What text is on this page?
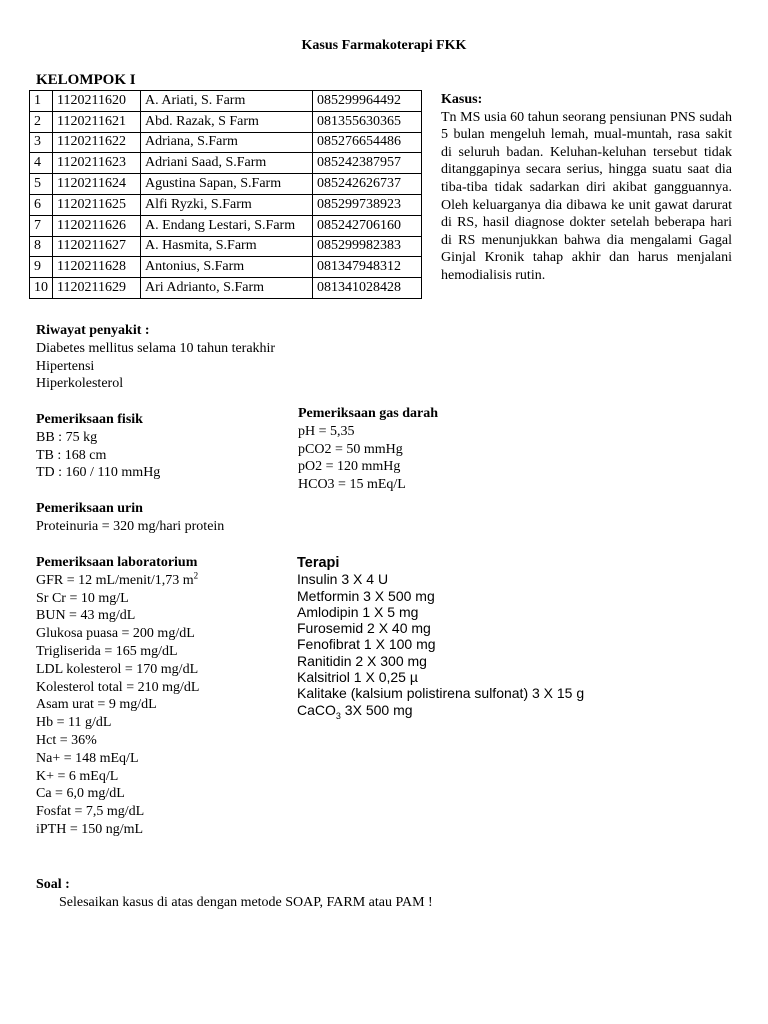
Kasus Farmakoterapi FKK
KELOMPOK I
1	1120211620	A. Ariati, S. Farm	085299964492
2	1120211621	Abd. Razak, S Farm	081355630365
3	1120211622	Adriana, S.Farm	085276654486
4	1120211623	Adriani Saad, S.Farm	085242387957
5	1120211624	Agustina Sapan, S.Farm	085242626737
6	1120211625	Alfi Ryzki, S.Farm	085299738923
7	1120211626	A. Endang Lestari, S.Farm	085242706160
8	1120211627	A. Hasmita, S.Farm	085299982383
9	1120211628	Antonius, S.Farm	081347948312
10	1120211629	Ari Adrianto, S.Farm	081341028428
Kasus:
Tn MS usia 60 tahun seorang pensiunan PNS sudah 5 bulan mengeluh lemah, mual-muntah, rasa sakit di seluruh badan. Keluhan-keluhan tersebut tidak ditanggapinya secara serius, hingga suatu saat dia tiba-tiba tidak sadarkan diri akibat gangguannya. Oleh keluarganya dia dibawa ke unit gawat darurat di RS, hasil diagnose dokter setelah beberapa hari di RS menunjukkan bahwa dia mengalami Gagal Ginjal Kronik tahap akhir dan harus menjalani hemodialisis rutin.
Riwayat penyakit :
Diabetes mellitus selama 10 tahun terakhir
Hipertensi
Hiperkolesterol
Pemeriksaan fisik
BB : 75 kg
TB : 168 cm
TD : 160 / 110 mmHg
Pemeriksaan gas darah
pH = 5,35
pCO2 = 50 mmHg
pO2 = 120 mmHg
HCO3 = 15 mEq/L
Pemeriksaan urin
Proteinuria = 320 mg/hari protein
Pemeriksaan laboratorium
GFR = 12 mL/menit/1,73 $m^2$
Sr Cr = 10 mg/L
BUN = 43 mg/dL
Glukosa puasa = 200 mg/dL
Trigliserida = 165 mg/dL
LDL kolesterol = 170 mg/dL
Kolesterol total = 210 mg/dL
Asam urat = 9 mg/dL
Hb = 11 g/dL
Hct = 36%
Na+ = 148 mEq/L
K+ = 6 mEq/L
Ca = 6,0 mg/dL
Fosfat = 7,5 mg/dL
iPTH = 150 ng/mL
Terapi
Insulin 3 X 4 U
Metformin 3 X 500 mg
Amlodipin 1 X 5 mg
Furosemid 2 X 40 mg
Fenofibrat 1 X 100 mg
Ranitidin 2 X 300 mg
Kalsitriol 1 X 0,25 µ
Kalitake (kalsium polistirena sulfonat) 3 X 15 g
CaCO$_3$ 3X 500 mg
Soal :
Selesaikan kasus di atas dengan metode SOAP, FARM atau PAM !
